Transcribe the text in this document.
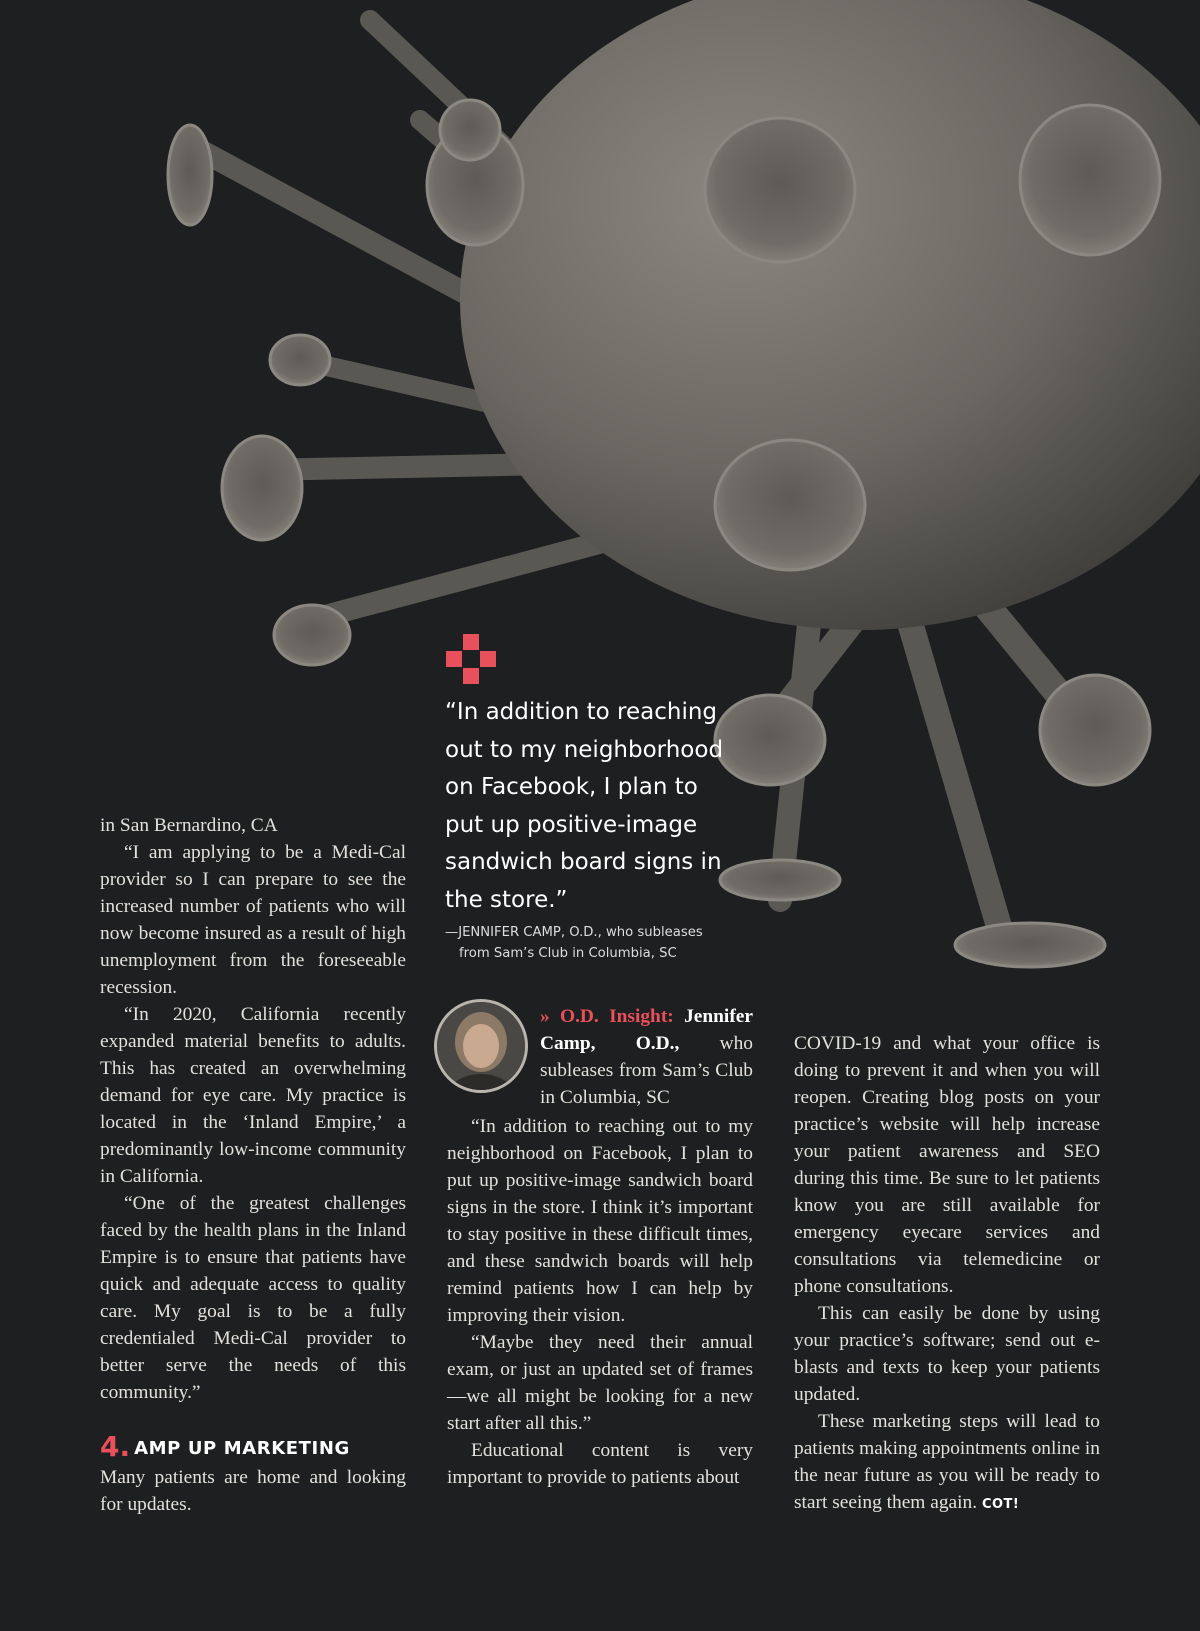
“In addition to reaching out to my neighborhood on Facebook, I plan to put up positive-image sandwich board signs in the store.”
—JENNIFER CAMP, O.D., who subleases
from Sam’s Club in Columbia, SC

in San Bernardino, CA

“I am applying to be a Medi-Cal provider so I can prepare to see the increased number of patients who will now become insured as a result of high unemployment from the foreseeable recession.

“In 2020, California recently expanded material benefits to adults. This has created an overwhelming demand for eye care. My practice is located in the ‘Inland Empire,’ a predominantly low-income community in California.

“One of the greatest challenges faced by the health plans in the Inland Empire is to ensure that patients have quick and adequate access to quality care. My goal is to be a fully credentialed Medi-Cal provider to better serve the needs of this community.”

4. AMP UP MARKETING

Many patients are home and looking for updates.

» O.D. Insight: Jennifer Camp, O.D., who subleases from Sam’s Club in Columbia, SC

“In addition to reaching out to my neighborhood on Facebook, I plan to put up positive-image sandwich board signs in the store. I think it’s important to stay positive in these difficult times, and these sandwich boards will help remind patients how I can help by improving their vision.

“Maybe they need their annual exam, or just an updated set of frames—we all might be looking for a new start after all this.”

Educational content is very important to provide to patients about

COVID-19 and what your office is doing to prevent it and when you will reopen. Creating blog posts on your practice’s website will help increase your patient awareness and SEO during this time. Be sure to let patients know you are still available for emergency eyecare services and consultations via telemedicine or phone consultations.

This can easily be done by using your practice’s software; send out e-blasts and texts to keep your patients updated.

These marketing steps will lead to patients making appointments online in the near future as you will be ready to start seeing them again. COT!
